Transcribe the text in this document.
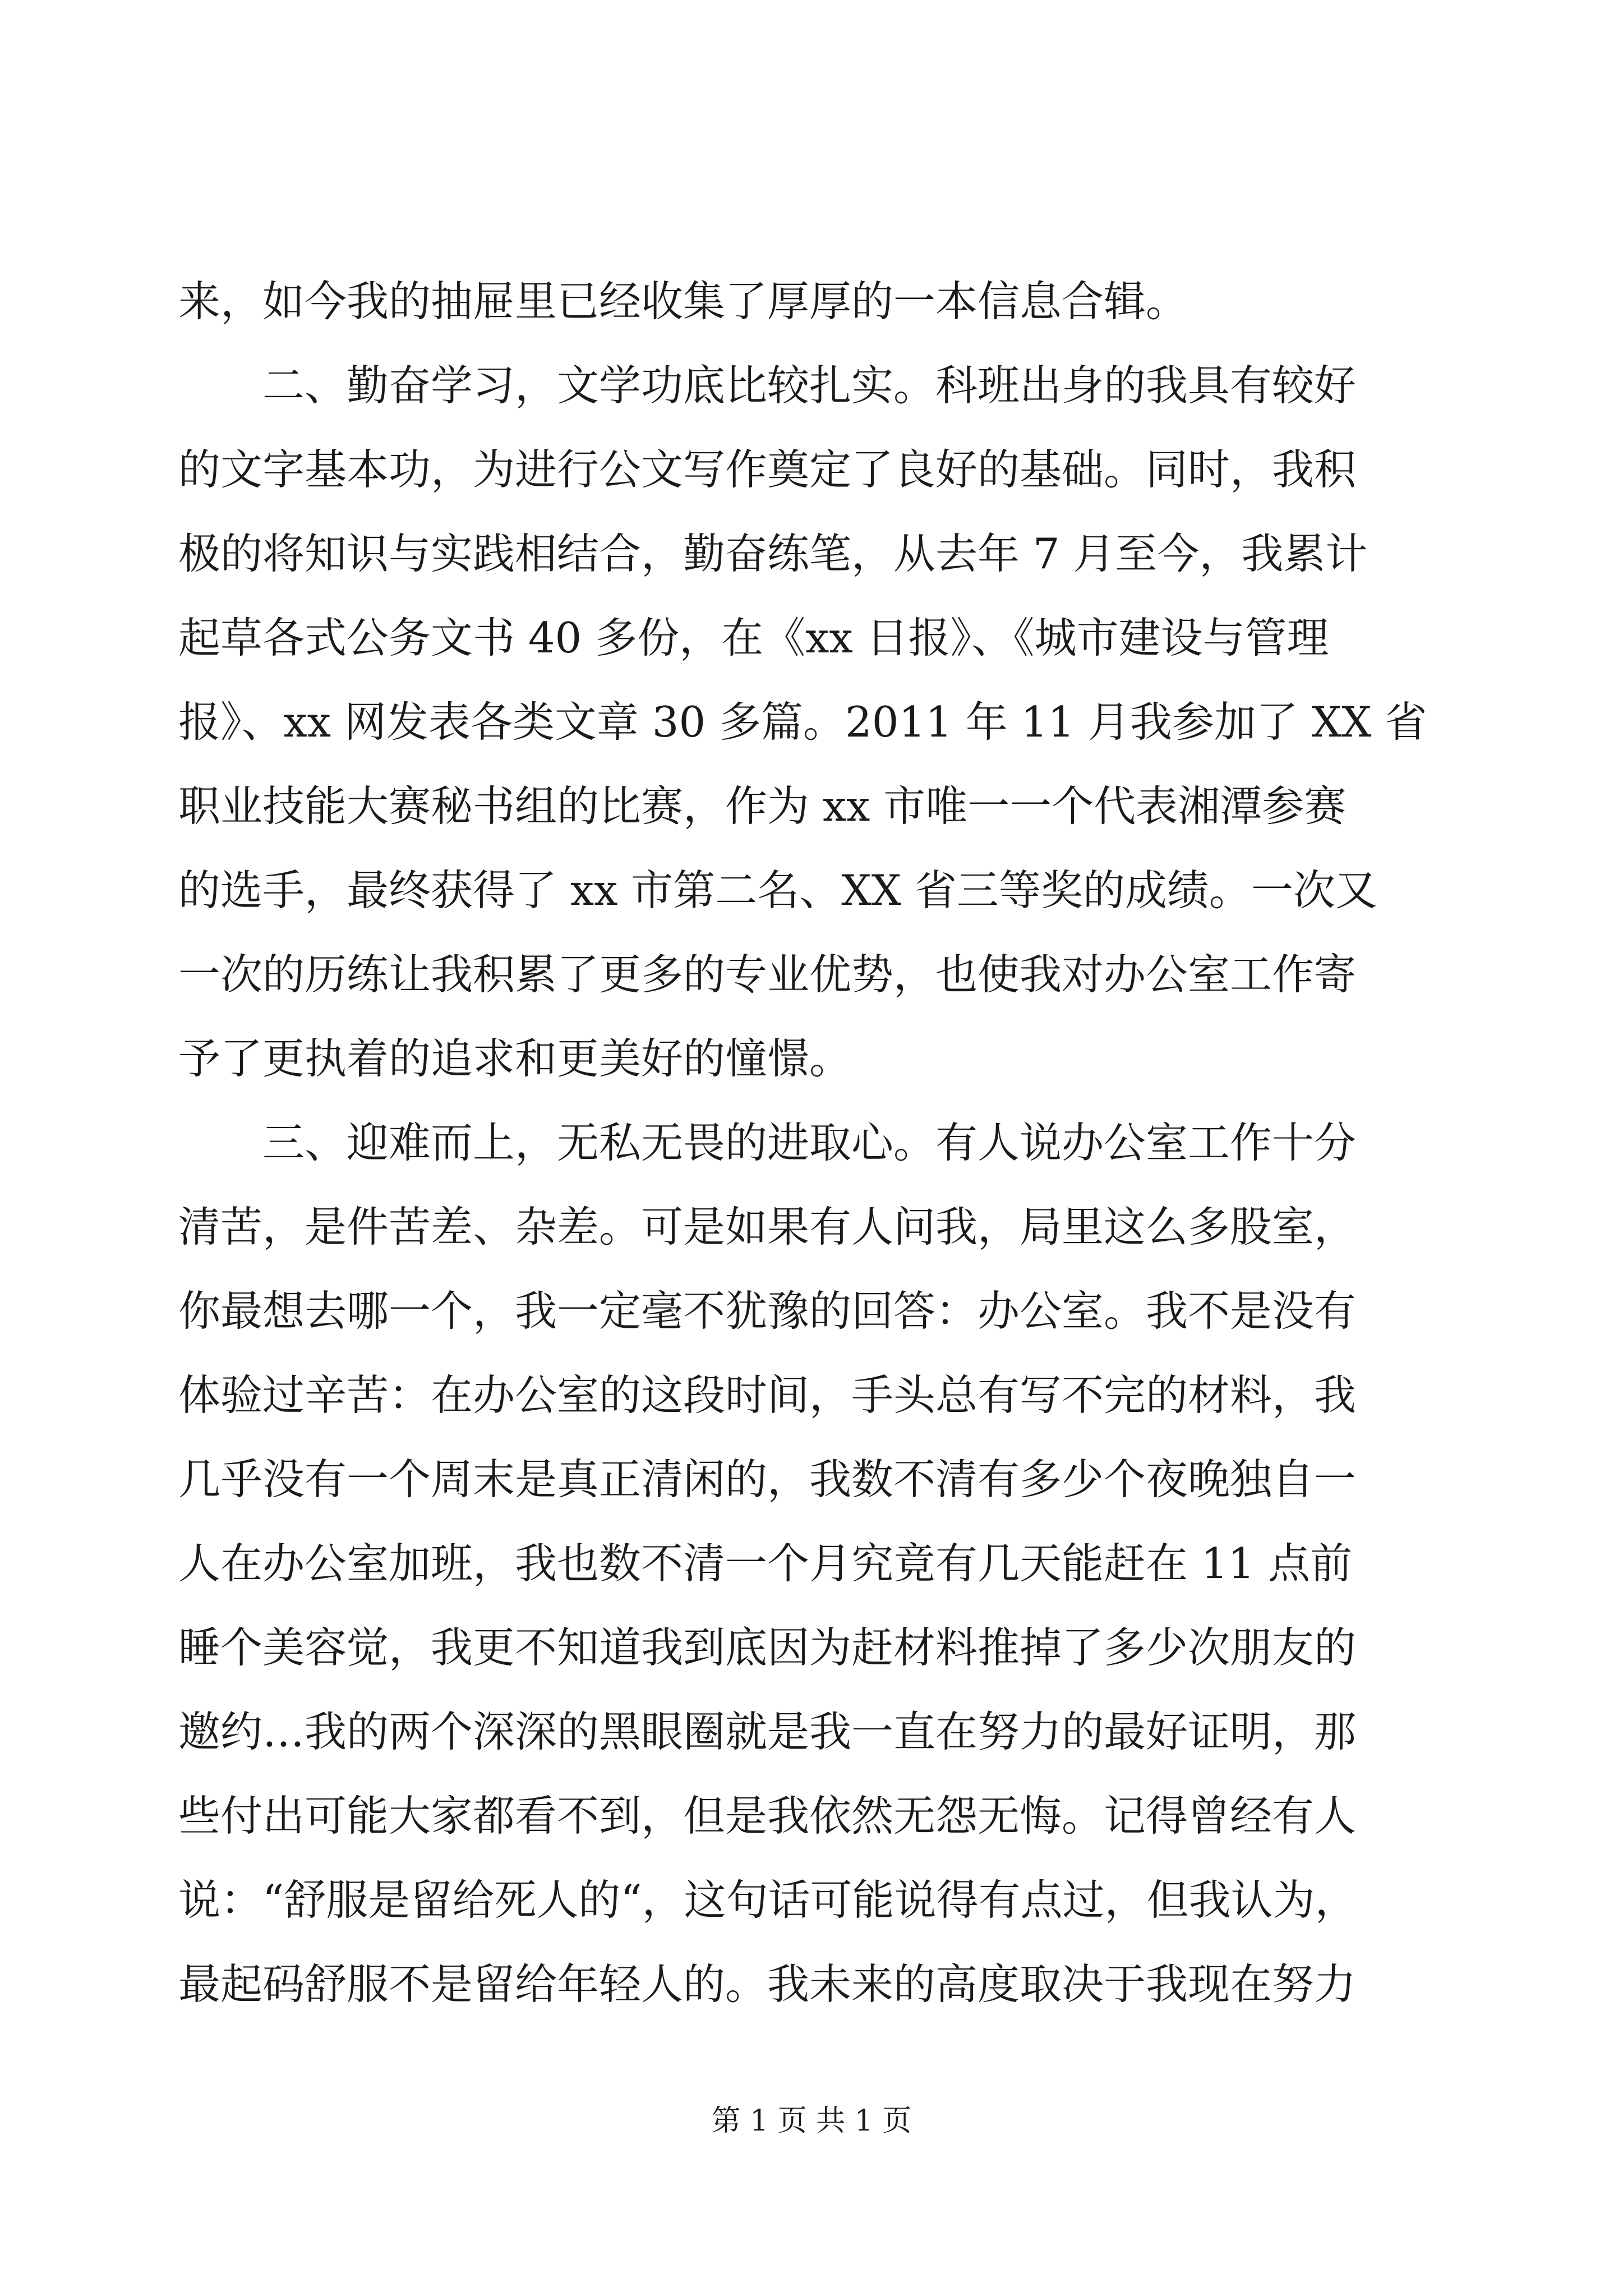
来，如今我的抽屉里已经收集了厚厚的一本信息合辑。
　　二、勤奋学习，文学功底比较扎实。科班出身的我具有较好
的文字基本功，为进行公文写作奠定了良好的基础。同时，我积
极的将知识与实践相结合，勤奋练笔，从去年 7 月至今，我累计
起草各式公务文书 40 多份，在《xx 日报》、《城市建设与管理
报》、xx 网发表各类文章 30 多篇。2011 年 11 月我参加了 XX 省
职业技能大赛秘书组的比赛，作为 xx 市唯一一个代表湘潭参赛
的选手，最终获得了 xx 市第二名、XX 省三等奖的成绩。一次又
一次的历练让我积累了更多的专业优势，也使我对办公室工作寄
予了更执着的追求和更美好的憧憬。
　　三、迎难而上，无私无畏的进取心。有人说办公室工作十分
清苦，是件苦差、杂差。可是如果有人问我，局里这么多股室，
你最想去哪一个，我一定毫不犹豫的回答：办公室。我不是没有
体验过辛苦：在办公室的这段时间，手头总有写不完的材料，我
几乎没有一个周末是真正清闲的，我数不清有多少个夜晚独自一
人在办公室加班，我也数不清一个月究竟有几天能赶在 11 点前
睡个美容觉，我更不知道我到底因为赶材料推掉了多少次朋友的
邀约…我的两个深深的黑眼圈就是我一直在努力的最好证明，那
些付出可能大家都看不到，但是我依然无怨无悔。记得曾经有人
说：“舒服是留给死人的“，这句话可能说得有点过，但我认为，
最起码舒服不是留给年轻人的。我未来的高度取决于我现在努力
第 1 页 共 1 页
